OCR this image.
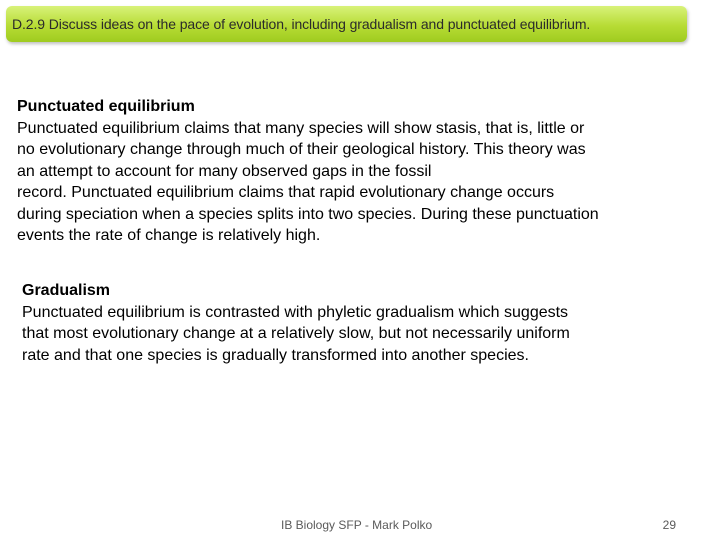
D.2.9 Discuss ideas on the pace of evolution, including gradualism and punctuated equilibrium.
Punctuated equilibrium
Punctuated equilibrium claims that many species will show stasis, that is, little or
no evolutionary change through much of their geological history. This theory was
an attempt to account for many observed gaps in the fossil
record. Punctuated equilibrium claims that rapid evolutionary change occurs
during speciation when a species splits into two species. During these punctuation
events the rate of change is relatively high.
Gradualism
Punctuated equilibrium is contrasted with phyletic gradualism which suggests
that most evolutionary change at a relatively slow, but not necessarily uniform
rate and that one species is gradually transformed into another species.
IB Biology SFP - Mark Polko	29
